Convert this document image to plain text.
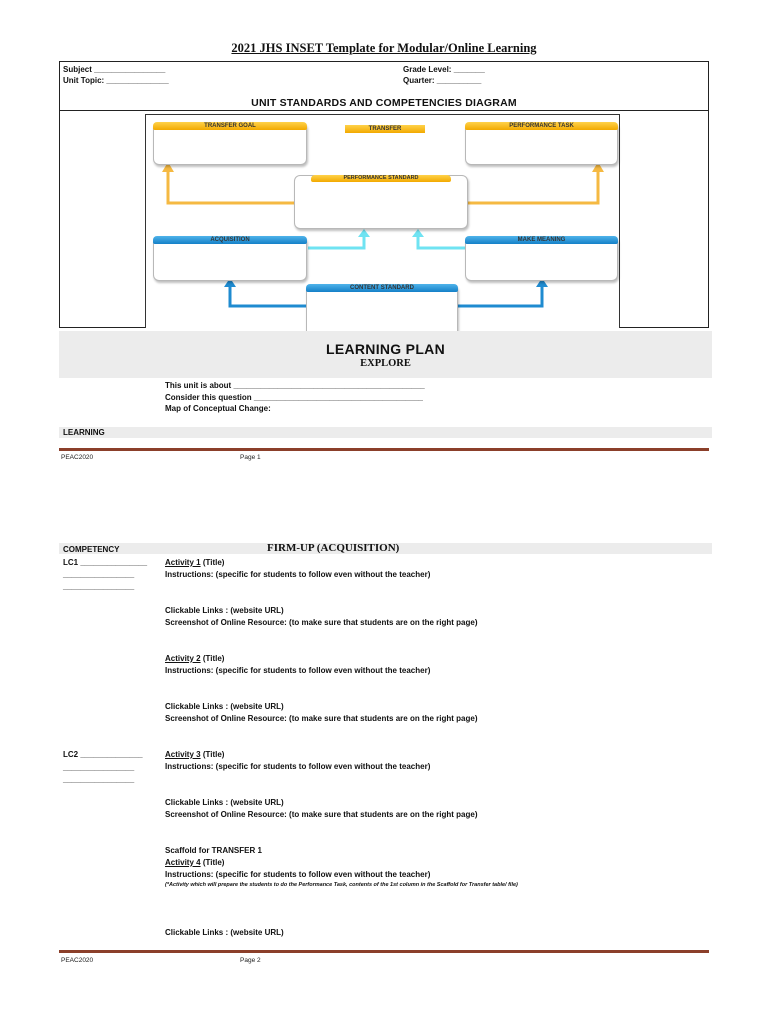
2021 JHS INSET Template for Modular/Online Learning
Subject ________________
Unit Topic: ______________
Grade Level: _______
Quarter: __________
UNIT STANDARDS AND COMPETENCIES DIAGRAM
TRANSFER GOAL	TRANSFER	PERFORMANCE TASK
PERFORMANCE STANDARD
ACQUISITION	MAKE MEANING
CONTENT STANDARD
LEARNING PLAN
EXPLORE
This unit is about ___________________________________________
Consider this question ______________________________________
Map of Conceptual Change:
LEARNING
PEAC2020	Page 1
COMPETENCY	FIRM-UP (ACQUISITION)
LC1 _______________
________________
________________
Activity 1 (Title)
Instructions: (specific for students to follow even without the teacher)
Clickable Links : (website URL)
Screenshot of Online Resource: (to make sure that students are on the right page)
Activity 2 (Title)
Instructions: (specific for students to follow even without the teacher)
Clickable Links : (website URL)
Screenshot of Online Resource: (to make sure that students are on the right page)
LC2 ______________
________________
________________
Activity 3 (Title)
Instructions: (specific for students to follow even without the teacher)
Clickable Links : (website URL)
Screenshot of Online Resource: (to make sure that students are on the right page)
Scaffold for TRANSFER 1
Activity 4 (Title)
Instructions: (specific for students to follow even without the teacher)
(*Activity which will prepare the students to do the Performance Task, contents of the 1st column in the Scaffold for Transfer table/ file)
Clickable Links : (website URL)
PEAC2020	Page 2
